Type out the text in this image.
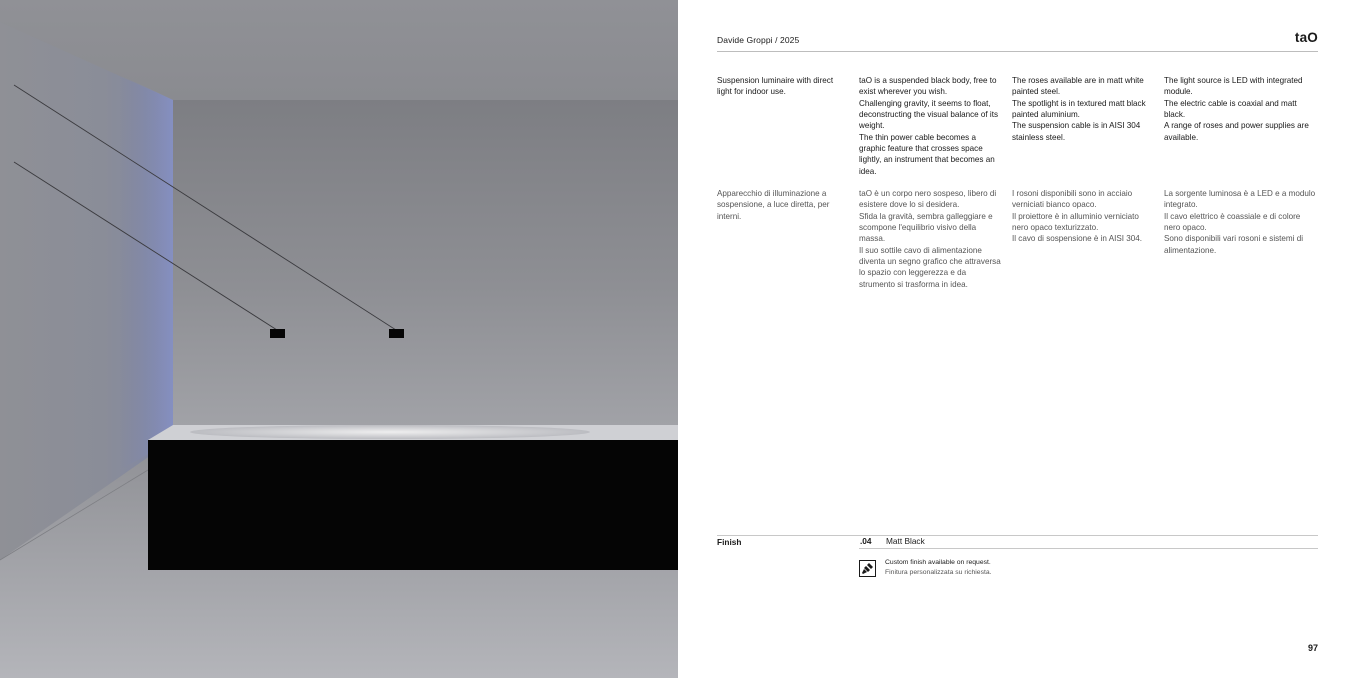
Davide Groppi / 2025	taO

Suspension luminaire with direct light for indoor use.

taO is a suspended black body, free to exist wherever you wish.

Challenging gravity, it seems to float, deconstructing the visual balance of its weight.

The thin power cable becomes a graphic feature that crosses space lightly, an instrument that becomes an idea.

The roses available are in matt white painted steel.

The spotlight is in textured matt black painted aluminium.

The suspension cable is in AISI 304 stainless steel.

The light source is LED with integrated module.

The electric cable is coaxial and matt black.

A range of roses and power supplies are available.

Apparecchio di illuminazione a sospensione, a luce diretta, per interni.

taO è un corpo nero sospeso, libero di esistere dove lo si desidera.

Sfida la gravità, sembra galleggiare e scompone l'equilibrio visivo della massa.

Il suo sottile cavo di alimentazione diventa un segno grafico che attraversa lo spazio con leggerezza e da strumento si trasforma in idea.

I rosoni disponibili sono in acciaio verniciati bianco opaco.

Il proiettore è in alluminio verniciato nero opaco texturizzato.

Il cavo di sospensione è in AISI 304.

La sorgente luminosa è a LED e a modulo integrato.

Il cavo elettrico è coassiale e di colore nero opaco.

Sono disponibili vari rosoni e sistemi di alimentazione.

Finish	.04 Matt Black
Custom finish available on request.
Finitura personalizzata su richiesta.
97
